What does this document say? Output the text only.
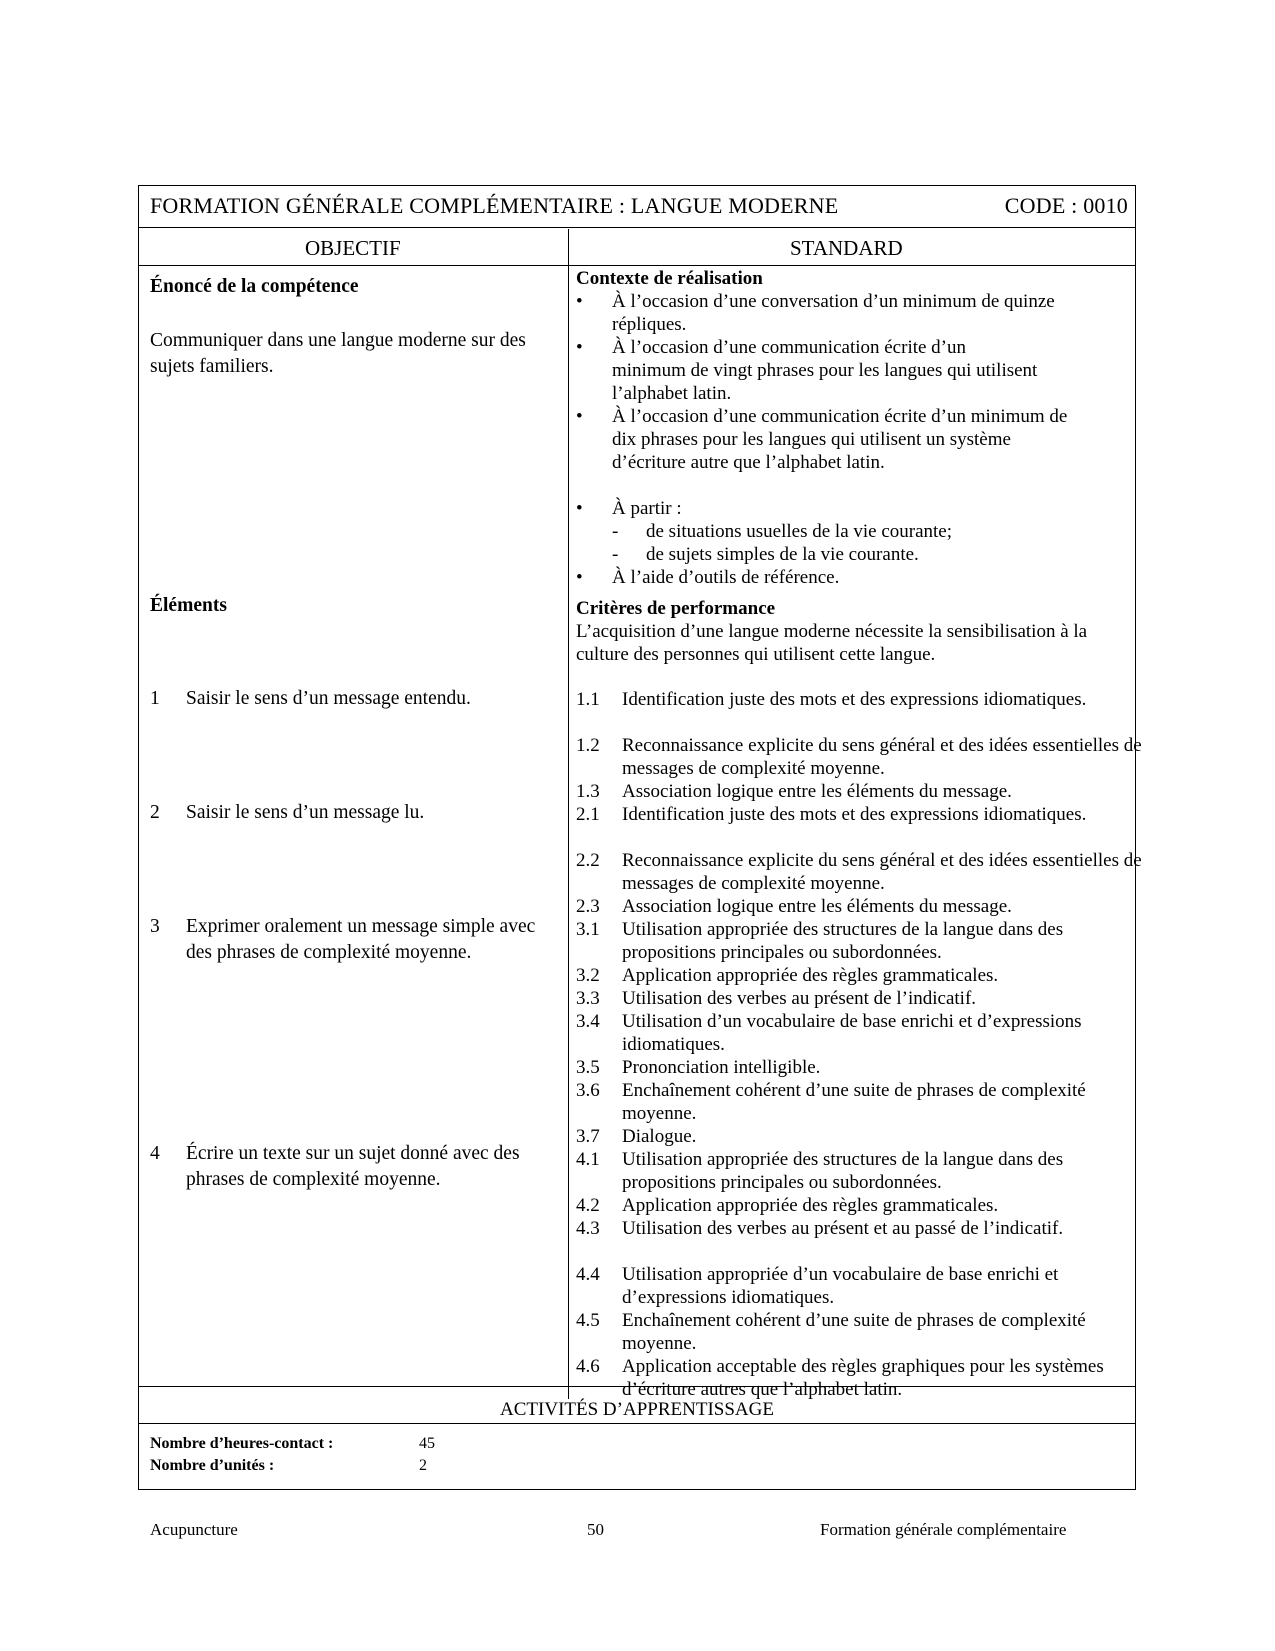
FORMATION GÉNÉRALE COMPLÉMENTAIRE : LANGUE MODERNE	CODE : 0010
OBJECTIF	STANDARD
Énoncé de la compétence
Communiquer dans une langue moderne sur des sujets familiers.
Éléments
1 Saisir le sens d’un message entendu.
2 Saisir le sens d’un message lu.
3 Exprimer oralement un message simple avec des phrases de complexité moyenne.
4 Écrire un texte sur un sujet donné avec des phrases de complexité moyenne.
Contexte de réalisation
•	À l’occasion d’une conversation d’un minimum de quinze répliques.
•	À l’occasion d’une communication écrite d’un minimum de vingt phrases pour les langues qui utilisent l’alphabet latin.
•	À l’occasion d’une communication écrite d’un minimum de dix phrases pour les langues qui utilisent un système d’écriture autre que l’alphabet latin.
•	À partir :
- de situations usuelles de la vie courante;
- de sujets simples de la vie courante.
•	À l’aide d’outils de référence.
Critères de performance
L’acquisition d’une langue moderne nécessite la sensibilisation à la culture des personnes qui utilisent cette langue.
1.1	Identification juste des mots et des expressions idiomatiques.
1.2	Reconnaissance explicite du sens général et des idées essentielles de messages de complexité moyenne.
1.3	Association logique entre les éléments du message.
2.1	Identification juste des mots et des expressions idiomatiques.
2.2	Reconnaissance explicite du sens général et des idées essentielles de messages de complexité moyenne.
2.3	Association logique entre les éléments du message.
3.1	Utilisation appropriée des structures de la langue dans des propositions principales ou subordonnées.
3.2	Application appropriée des règles grammaticales.
3.3	Utilisation des verbes au présent de l’indicatif.
3.4	Utilisation d’un vocabulaire de base enrichi et d’expressions idiomatiques.
3.5	Prononciation intelligible.
3.6	Enchaînement cohérent d’une suite de phrases de complexité moyenne.
3.7	Dialogue.
4.1	Utilisation appropriée des structures de la langue dans des propositions principales ou subordonnées.
4.2	Application appropriée des règles grammaticales.
4.3	Utilisation des verbes au présent et au passé de l’indicatif.
4.4	Utilisation appropriée d’un vocabulaire de base enrichi et d’expressions idiomatiques.
4.5	Enchaînement cohérent d’une suite de phrases de complexité moyenne.
4.6	Application acceptable des règles graphiques pour les systèmes d’écriture autres que l’alphabet latin.
ACTIVITÉS D’APPRENTISSAGE
Nombre d’heures-contact :	45
Nombre d’unités :	2
Acupuncture	50	Formation générale complémentaire
